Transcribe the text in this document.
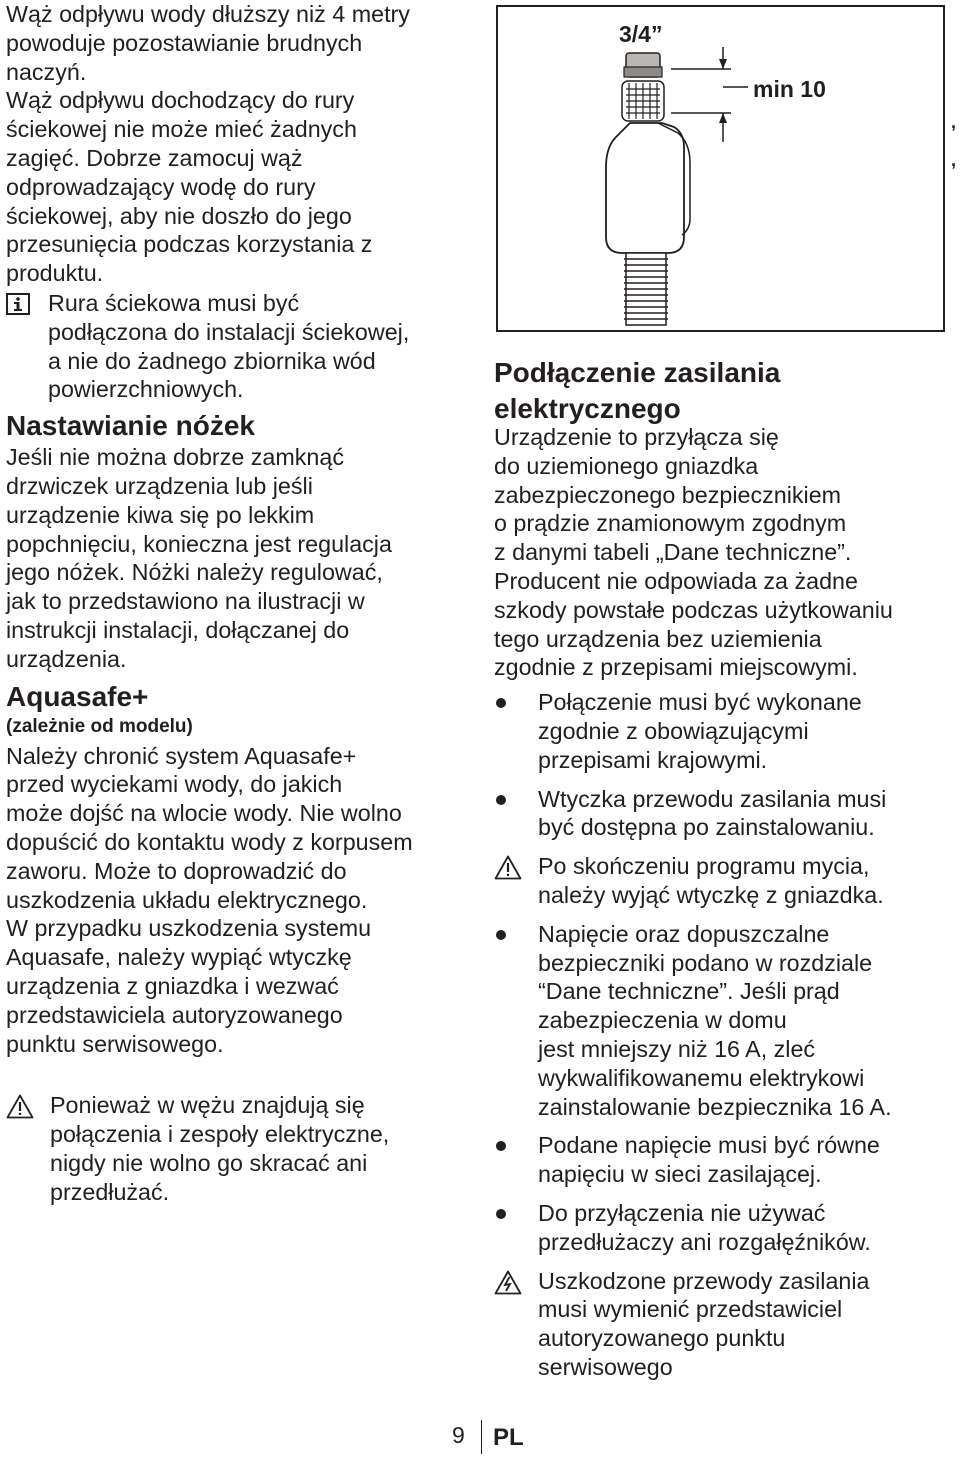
Wąż odpływu wody dłuższy niż 4 metry

powoduje pozostawianie brudnych

naczyń.

Wąż odpływu dochodzący do rury

ściekowej nie może mieć żadnych

zagięć. Dobrze zamocuj wąż

odprowadzający wodę do rury

ściekowej, aby nie doszło do jego

przesunięcia podczas korzystania z

produktu.

Rura ściekowa musi być

podłączona do instalacji ściekowej,

a nie do żadnego zbiornika wód

powierzchniowych.

Nastawianie nóżek

Jeśli nie można dobrze zamknąć

drzwiczek urządzenia lub jeśli

urządzenie kiwa się po lekkim

popchnięciu, konieczna jest regulacja

jego nóżek. Nóżki należy regulować,

jak to przedstawiono na ilustracji w

instrukcji instalacji, dołączanej do

urządzenia.

Aquasafe+
(zależnie od modelu)

Należy chronić system Aquasafe+

przed wyciekami wody, do jakich

może dojść na wlocie wody. Nie wolno

dopuścić do kontaktu wody z korpusem

zaworu. Może to doprowadzić do

uszkodzenia układu elektrycznego.

W przypadku uszkodzenia systemu

Aquasafe, należy wypiąć wtyczkę

urządzenia z gniazdka i wezwać

przedstawiciela autoryzowanego

punktu serwisowego.

Ponieważ w wężu znajdują się

połączenia i zespoły elektryczne,

nigdy nie wolno go skracać ani

przedłużać.

3/4”
min 10
,
,
Podłączenie zasilania
elektrycznego

Urządzenie to przyłącza się

do uziemionego gniazdka

zabezpieczonego bezpiecznikiem

o prądzie znamionowym zgodnym

z danymi tabeli „Dane techniczne”.

Producent nie odpowiada za żadne

szkody powstałe podczas użytkowaniu

tego urządzenia bez uziemienia

zgodnie z przepisami miejscowymi.

Połączenie musi być wykonane

zgodnie z obowiązującymi

przepisami krajowymi.

Wtyczka przewodu zasilania musi

być dostępna po zainstalowaniu.

Po skończeniu programu mycia,

należy wyjąć wtyczkę z gniazdka.

Napięcie oraz dopuszczalne

bezpieczniki podano w rozdziale

“Dane techniczne”. Jeśli prąd

zabezpieczenia w domu

jest mniejszy niż 16 A, zleć

wykwalifikowanemu elektrykowi

zainstalowanie bezpiecznika 16 A.

Podane napięcie musi być równe

napięciu w sieci zasilającej.

Do przyłączenia nie używać

przedłużaczy ani rozgałęźników.

Uszkodzone przewody zasilania

musi wymienić przedstawiciel

autoryzowanego punktu

serwisowego

9 PL
